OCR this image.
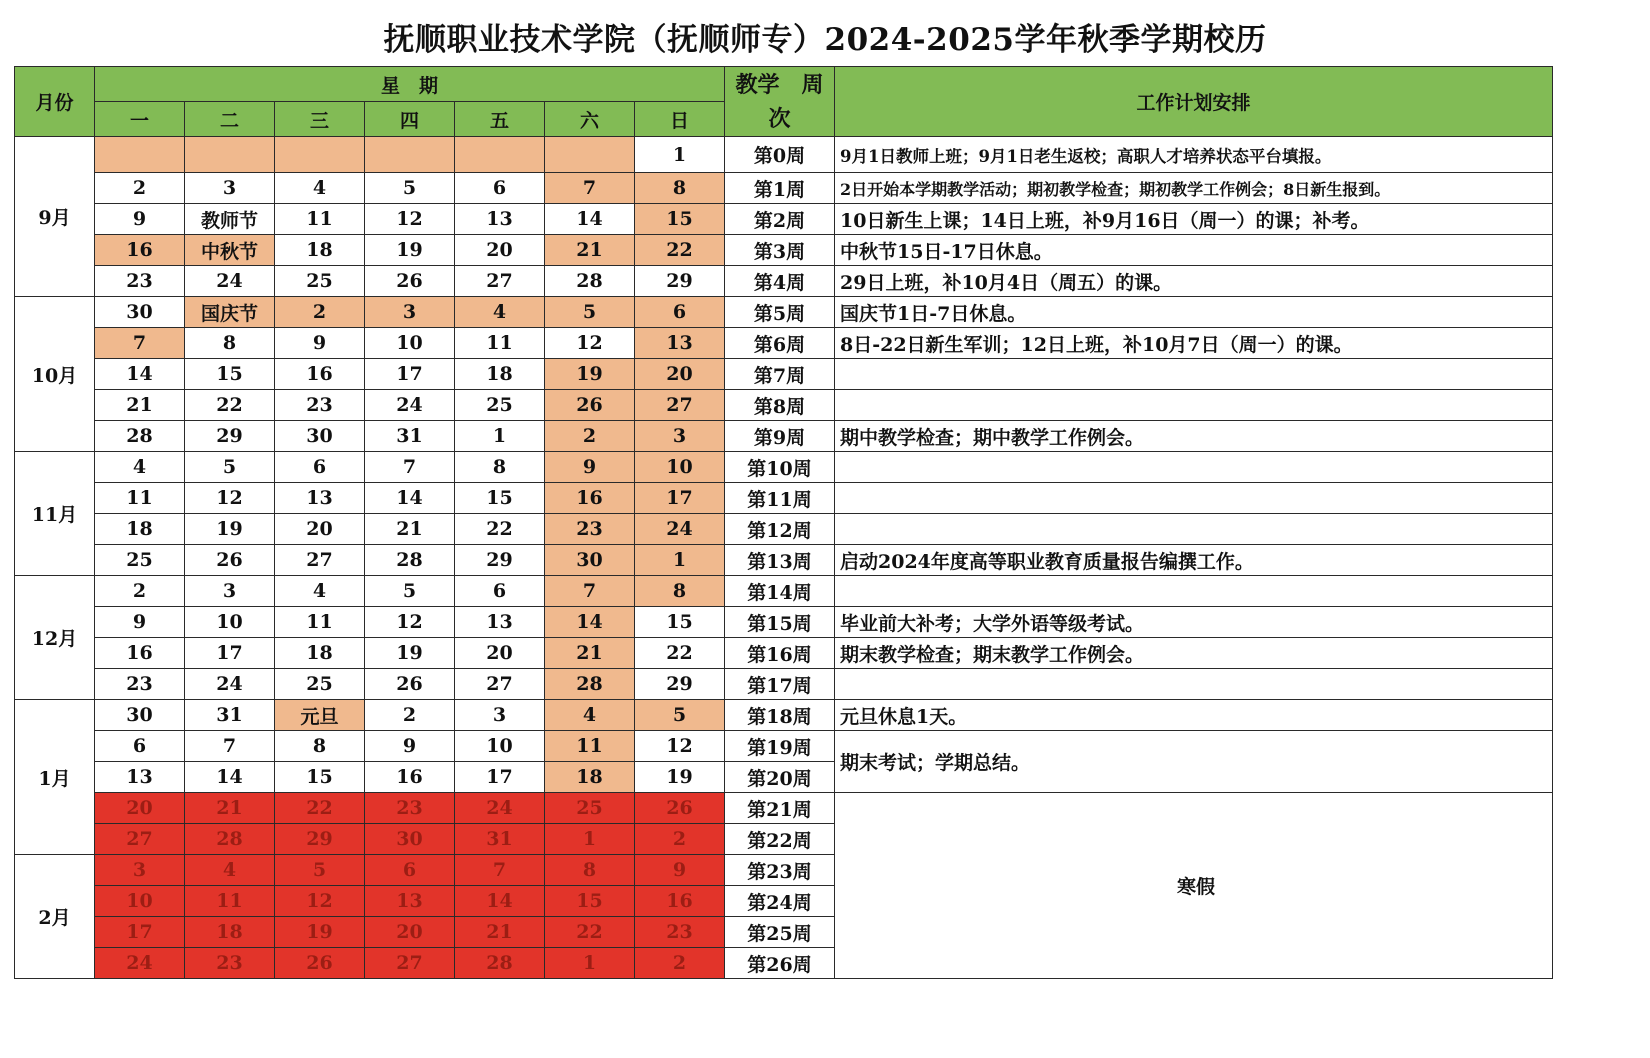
抚顺职业技术学院（抚顺师专）2024-2025学年秋季学期校历
月份	星　期							教学　周次	工作计划安排
	一	二	三	四	五	六	日		
9月							1	第0周	9月1日教师上班；9月1日老生返校；高职人才培养状态平台填报。
	2	3	4	5	6	7	8	第1周	2日开始本学期教学活动；期初教学检查；期初教学工作例会；8日新生报到。
	9	教师节	11	12	13	14	15	第2周	10日新生上课；14日上班，补9月16日（周一）的课；补考。
	16	中秋节	18	19	20	21	22	第3周	中秋节15日-17日休息。
	23	24	25	26	27	28	29	第4周	29日上班，补10月4日（周五）的课。
10月	30	国庆节	2	3	4	5	6	第5周	国庆节1日-7日休息。
	7	8	9	10	11	12	13	第6周	8日-22日新生军训；12日上班，补10月7日（周一）的课。
	14	15	16	17	18	19	20	第7周	
	21	22	23	24	25	26	27	第8周	
	28	29	30	31	1	2	3	第9周	期中教学检查；期中教学工作例会。
11月	4	5	6	7	8	9	10	第10周	
	11	12	13	14	15	16	17	第11周	
	18	19	20	21	22	23	24	第12周	
	25	26	27	28	29	30	1	第13周	启动2024年度高等职业教育质量报告编撰工作。
12月	2	3	4	5	6	7	8	第14周	
	9	10	11	12	13	14	15	第15周	毕业前大补考；大学外语等级考试。
	16	17	18	19	20	21	22	第16周	期末教学检查；期末教学工作例会。
	23	24	25	26	27	28	29	第17周	
1月	30	31	元旦	2	3	4	5	第18周	元旦休息1天。
	6	7	8	9	10	11	12	第19周	期末考试；学期总结。
	13	14	15	16	17	18	19	第20周	
	20	21	22	23	24	25	26	第21周	寒假
	27	28	29	30	31	1	2	第22周	
2月	3	4	5	6	7	8	9	第23周	
	10	11	12	13	14	15	16	第24周	
	17	18	19	20	21	22	23	第25周	
	24	23	26	27	28	1	2	第26周	
